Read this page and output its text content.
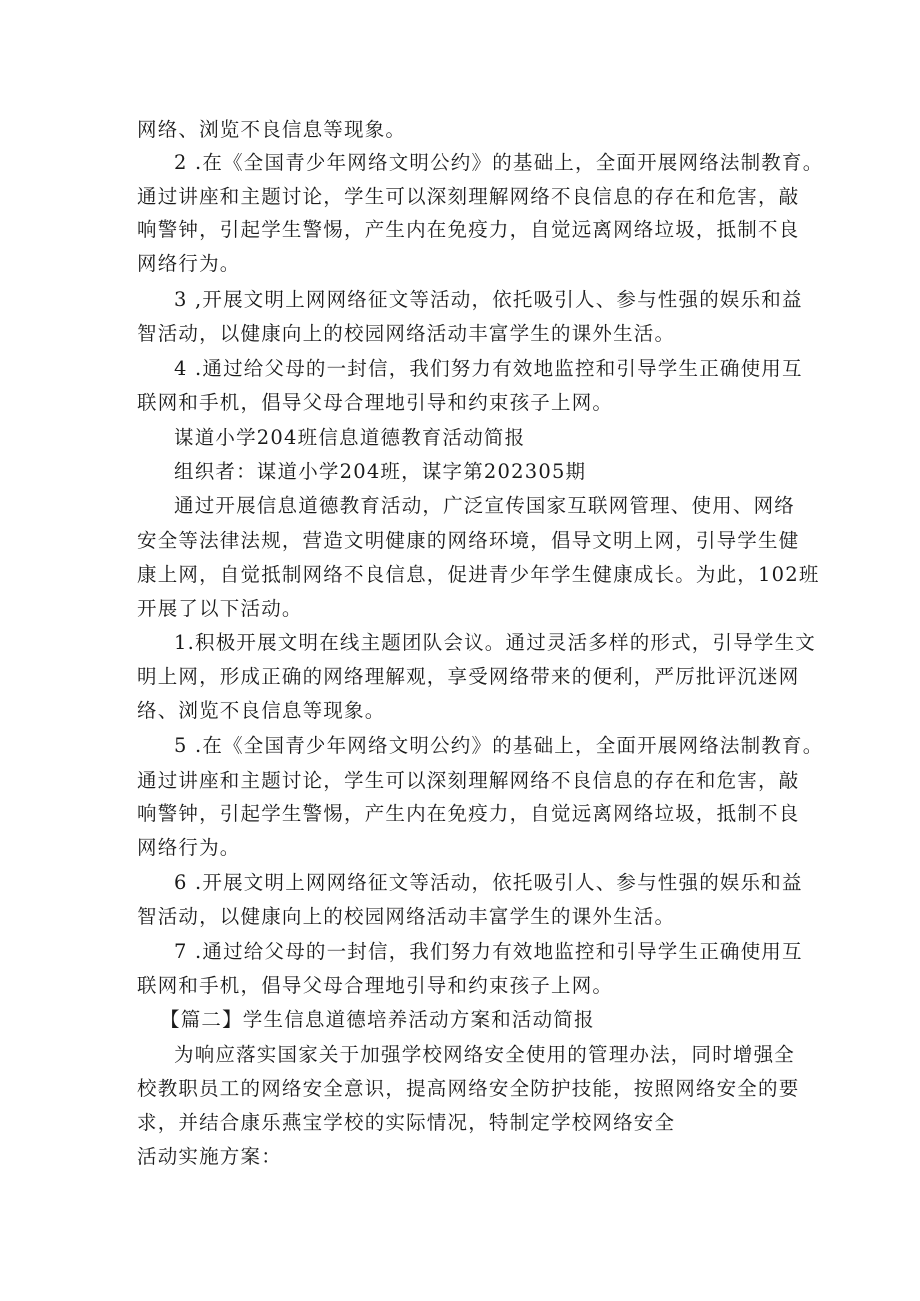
网络、浏览不良信息等现象。
2 .在《全国青少年网络文明公约》的基础上，全面开展网络法制教育。
通过讲座和主题讨论，学生可以深刻理解网络不良信息的存在和危害，敲
响警钟，引起学生警惕，产生内在免疫力，自觉远离网络垃圾，抵制不良
网络行为。
3 ,开展文明上网网络征文等活动，依托吸引人、参与性强的娱乐和益
智活动，以健康向上的校园网络活动丰富学生的课外生活。
4 .通过给父母的一封信，我们努力有效地监控和引导学生正确使用互
联网和手机，倡导父母合理地引导和约束孩子上网。
谋道小学204班信息道德教育活动简报
组织者：谋道小学204班，谋字第202305期
通过开展信息道德教育活动，广泛宣传国家互联网管理、使用、网络
安全等法律法规，营造文明健康的网络环境，倡导文明上网，引导学生健
康上网，自觉抵制网络不良信息，促进青少年学生健康成长。为此，102班
开展了以下活动。
1.积极开展文明在线主题团队会议。通过灵活多样的形式，引导学生文
明上网，形成正确的网络理解观，享受网络带来的便利，严厉批评沉迷网
络、浏览不良信息等现象。
5 .在《全国青少年网络文明公约》的基础上，全面开展网络法制教育。
通过讲座和主题讨论，学生可以深刻理解网络不良信息的存在和危害，敲
响警钟，引起学生警惕，产生内在免疫力，自觉远离网络垃圾，抵制不良
网络行为。
6 .开展文明上网网络征文等活动，依托吸引人、参与性强的娱乐和益
智活动，以健康向上的校园网络活动丰富学生的课外生活。
7 .通过给父母的一封信，我们努力有效地监控和引导学生正确使用互
联网和手机，倡导父母合理地引导和约束孩子上网。
【篇二】学生信息道德培养活动方案和活动简报
为响应落实国家关于加强学校网络安全使用的管理办法，同时增强全
校教职员工的网络安全意识，提高网络安全防护技能，按照网络安全的要
求，并结合康乐燕宝学校的实际情况，特制定学校网络安全
活动实施方案：
